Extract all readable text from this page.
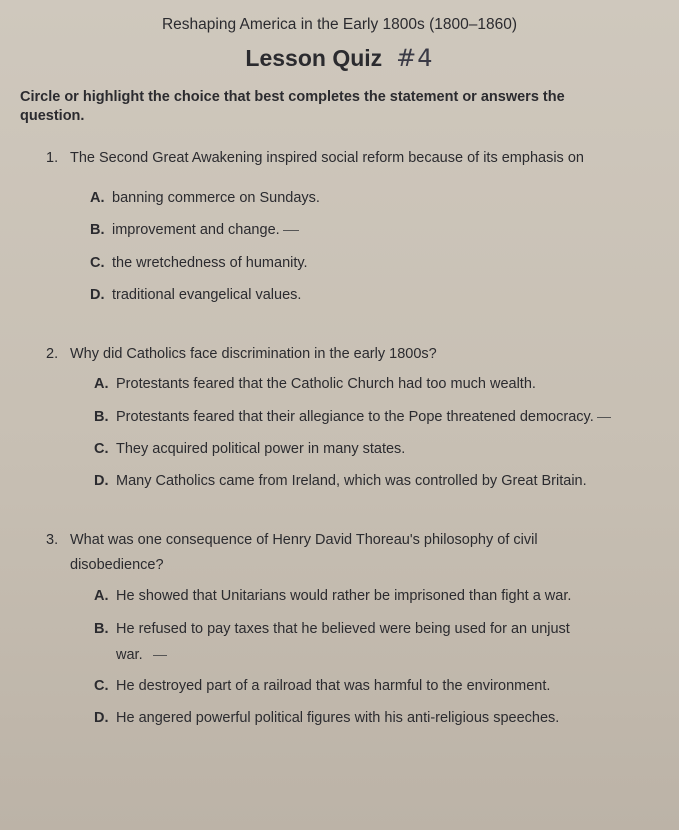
Reshaping America in the Early 1800s (1800–1860)
Lesson Quiz #4
Circle or highlight the choice that best completes the statement or answers the question.
1. The Second Great Awakening inspired social reform because of its emphasis on
A. banning commerce on Sundays.
B. improvement and change.
C. the wretchedness of humanity.
D. traditional evangelical values.
2. Why did Catholics face discrimination in the early 1800s?
A. Protestants feared that the Catholic Church had too much wealth.
B. Protestants feared that their allegiance to the Pope threatened democracy.
C. They acquired political power in many states.
D. Many Catholics came from Ireland, which was controlled by Great Britain.
3. What was one consequence of Henry David Thoreau's philosophy of civil
disobedience?
A. He showed that Unitarians would rather be imprisoned than fight a war.
B. He refused to pay taxes that he believed were being used for an unjust
war.
C. He destroyed part of a railroad that was harmful to the environment.
D. He angered powerful political figures with his anti-religious speeches.
